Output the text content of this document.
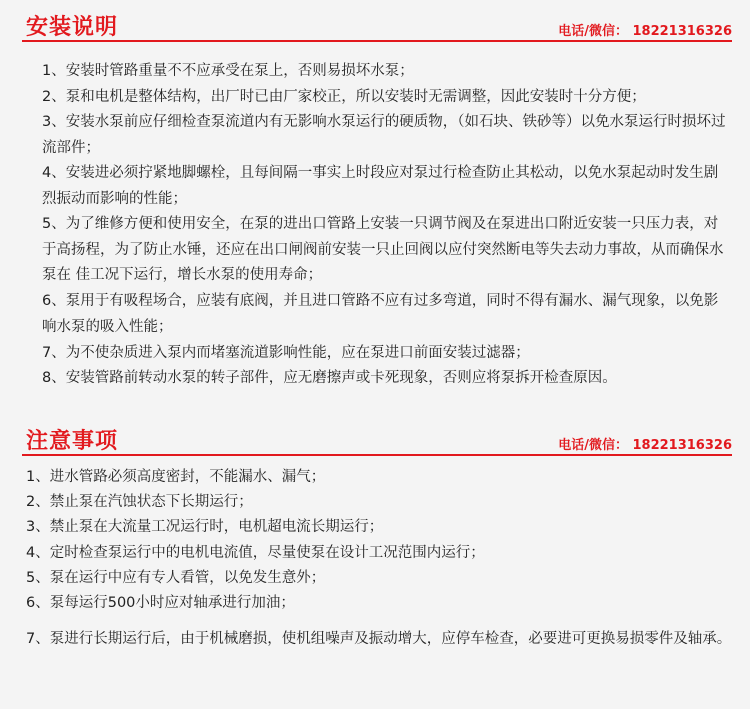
安装说明	电话/微信： 18221316326
1、安装时管路重量不不应承受在泵上，否则易损坏水泵；
2、泵和电机是整体结构，出厂时已由厂家校正，所以安装时无需调整，因此安装时十分方便；
3、安装水泵前应仔细检查泵流道内有无影响水泵运行的硬质物，（如石块、铁砂等）以免水泵运行时损坏过流部件；
4、安装进必须拧紧地脚螺栓，且每间隔一事实上时段应对泵过行检查防止其松动，以免水泵起动时发生剧烈振动而影响的性能；
5、为了维修方便和使用安全，在泵的进出口管路上安装一只调节阀及在泵进出口附近安装一只压力表，对于高扬程，为了防止水锤，还应在出口闸阀前安装一只止回阀以应付突然断电等失去动力事故，从而确保水泵在 佳工况下运行，增长水泵的使用寿命；
6、泵用于有吸程场合，应装有底阀，并且进口管路不应有过多弯道，同时不得有漏水、漏气现象，以免影响水泵的吸入性能；
7、为不使杂质进入泵内而堵塞流道影响性能，应在泵进口前面安装过滤器；
8、安装管路前转动水泵的转子部件，应无磨擦声或卡死现象，否则应将泵拆开检查原因。
注意事项	电话/微信： 18221316326
1、进水管路必须高度密封，不能漏水、漏气；
2、禁止泵在汽蚀状态下长期运行；
3、禁止泵在大流量工况运行时，电机超电流长期运行；
4、定时检查泵运行中的电机电流值，尽量使泵在设计工况范围内运行；
5、泵在运行中应有专人看管，以免发生意外；
6、泵每运行500小时应对轴承进行加油；
7、泵进行长期运行后，由于机械磨损，使机组噪声及振动增大，应停车检查，必要进可更换易损零件及轴承。
